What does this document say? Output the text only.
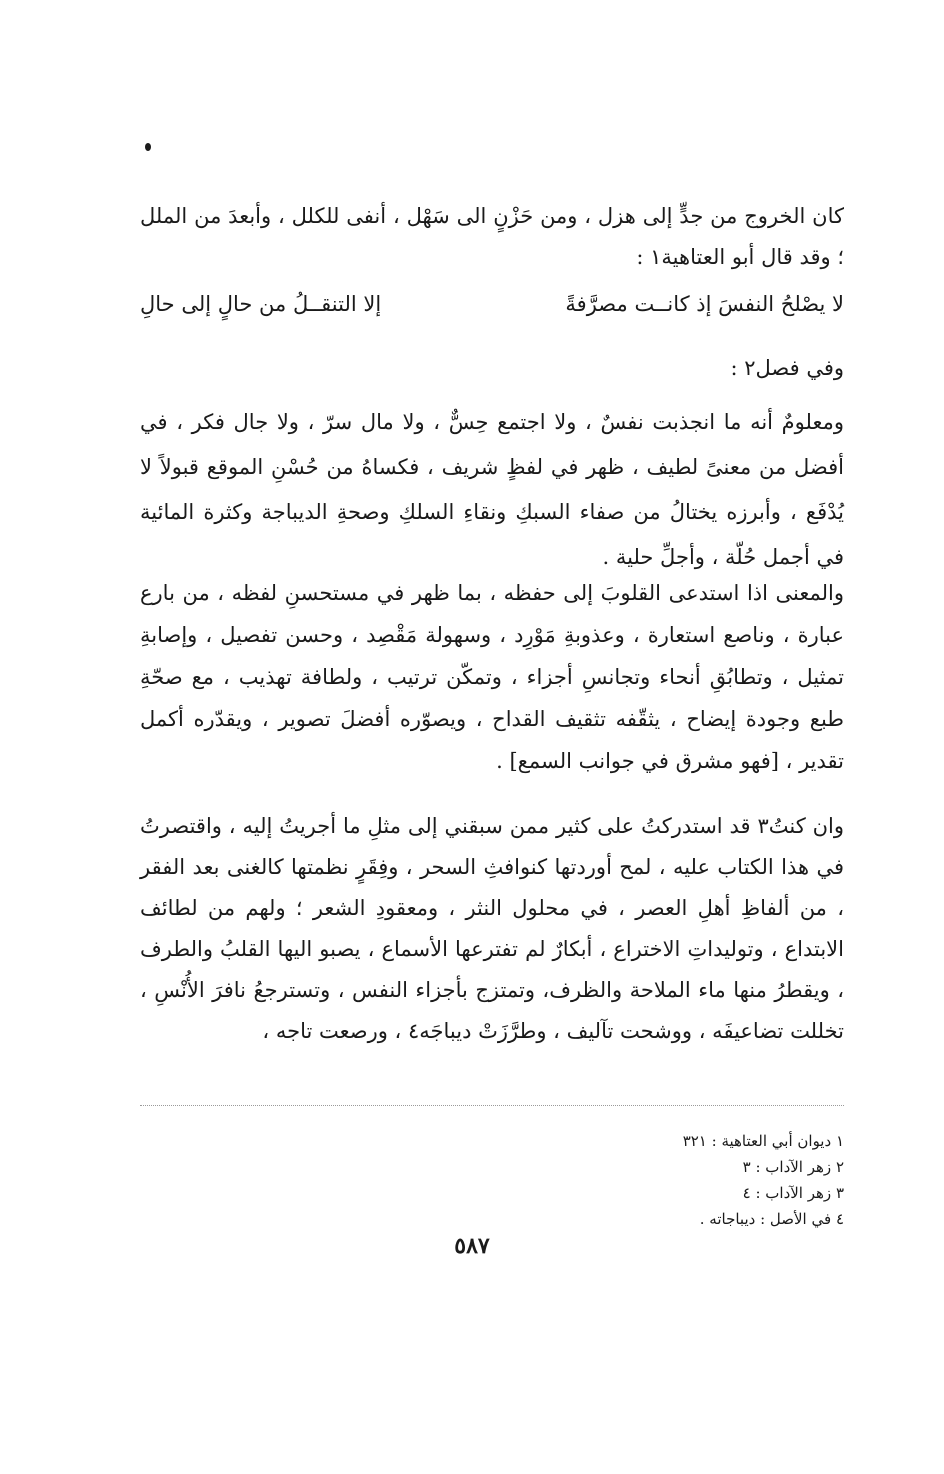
كان الخروج من جدٍّ إلى هزل ، ومن حَزْنٍ الى سَهْل ، أنفى للكلل ، وأبعدَ من الملل ؛ وقد قال أبو العتاهية١ :
لا يصْلحُ النفسَ إذ كانــت مصرَّفةً
إلا التنقــلُ من حالٍ إلى حالِ
وفي فصل٢ :
ومعلومٌ أنه ما انجذبت نفسٌ ، ولا اجتمع حِسٌّ ، ولا مال سرّ ، ولا جال فكر ، في أفضل من معنىً لطيف ، ظهر في لفظٍ شريف ، فكساهُ من حُسْنِ الموقع قبولاً لا يُدْفَع ، وأبرزه يختالُ من صفاء السبكِ ونقاءِ السلكِ وصحةِ الديباجة وكثرة المائية في أجمل حُلّة ، وأجلِّ حلية .
والمعنى اذا استدعى القلوبَ إلى حفظه ، بما ظهر في مستحسنِ لفظه ، من بارع عبارة ، وناصع استعارة ، وعذوبةِ مَوْرِد ، وسهولة مَقْصِد ، وحسن تفصيل ، وإصابةِ تمثيل ، وتطابُقِ أنحاء وتجانسِ أجزاء ، وتمكّن ترتيب ، ولطافة تهذيب ، مع صحّةِ طبع وجودة إيضاح ، يثقّفه تثقيف القداح ، ويصوّره أفضلَ تصوير ، ويقدّره أكمل تقدير ، [فهو مشرق في جوانب السمع] .
وان كنتُ٣ قد استدركتُ على كثير ممن سبقني إلى مثلِ ما أجريتُ إليه ، واقتصرتُ في هذا الكتاب عليه ، لمح أوردتها كنوافثِ السحر ، وفِقَرٍ نظمتها كالغنى بعد الفقر ، من ألفاظِ أهلِ العصر ، في محلول النثر ، ومعقودِ الشعر ؛ ولهم من لطائف الابتداع ، وتوليداتِ الاختراع ، أبكارٌ لم تفترعها الأسماع ، يصبو اليها القلبُ والطرف ، ويقطرُ منها ماء الملاحة والظرف، وتمتزج بأجزاء النفس ، وتسترجعُ نافرَ الأُنْسِ ، تخللت تضاعيفَه ، ووشحت تآليف ، وطرَّزَتْ ديباجَه٤ ، ورصعت تاجه ،
١ ديوان أبي العتاهية : ٣٢١
٢ زهر الآداب : ٣
٣ زهر الآداب : ٤
٤ في الأصل : ديباجاته .
٥٨٧
